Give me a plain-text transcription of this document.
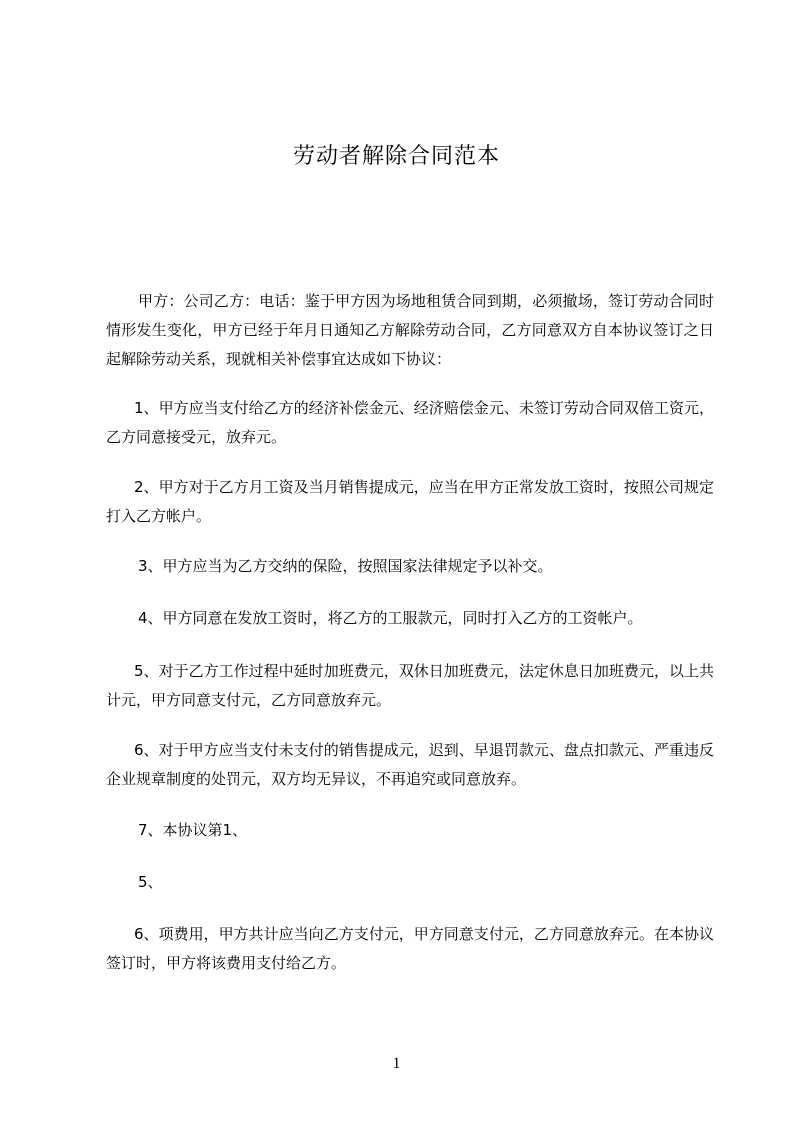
劳动者解除合同范本

甲方：公司乙方：电话：鉴于甲方因为场地租赁合同到期，必须撤场，签订劳动合同时情形发生变化，甲方已经于年月日通知乙方解除劳动合同，乙方同意双方自本协议签订之日起解除劳动关系，现就相关补偿事宜达成如下协议：

1、甲方应当支付给乙方的经济补偿金元、经济赔偿金元、未签订劳动合同双倍工资元，乙方同意接受元，放弃元。

2、甲方对于乙方月工资及当月销售提成元，应当在甲方正常发放工资时，按照公司规定打入乙方帐户。

3、甲方应当为乙方交纳的保险，按照国家法律规定予以补交。

4、甲方同意在发放工资时，将乙方的工服款元，同时打入乙方的工资帐户。

5、对于乙方工作过程中延时加班费元，双休日加班费元，法定休息日加班费元，以上共计元，甲方同意支付元，乙方同意放弃元。

6、对于甲方应当支付未支付的销售提成元，迟到、早退罚款元、盘点扣款元、严重违反企业规章制度的处罚元，双方均无异议，不再追究或同意放弃。

7、本协议第1、

5、

6、项费用，甲方共计应当向乙方支付元，甲方同意支付元，乙方同意放弃元。在本协议签订时，甲方将该费用支付给乙方。

1
